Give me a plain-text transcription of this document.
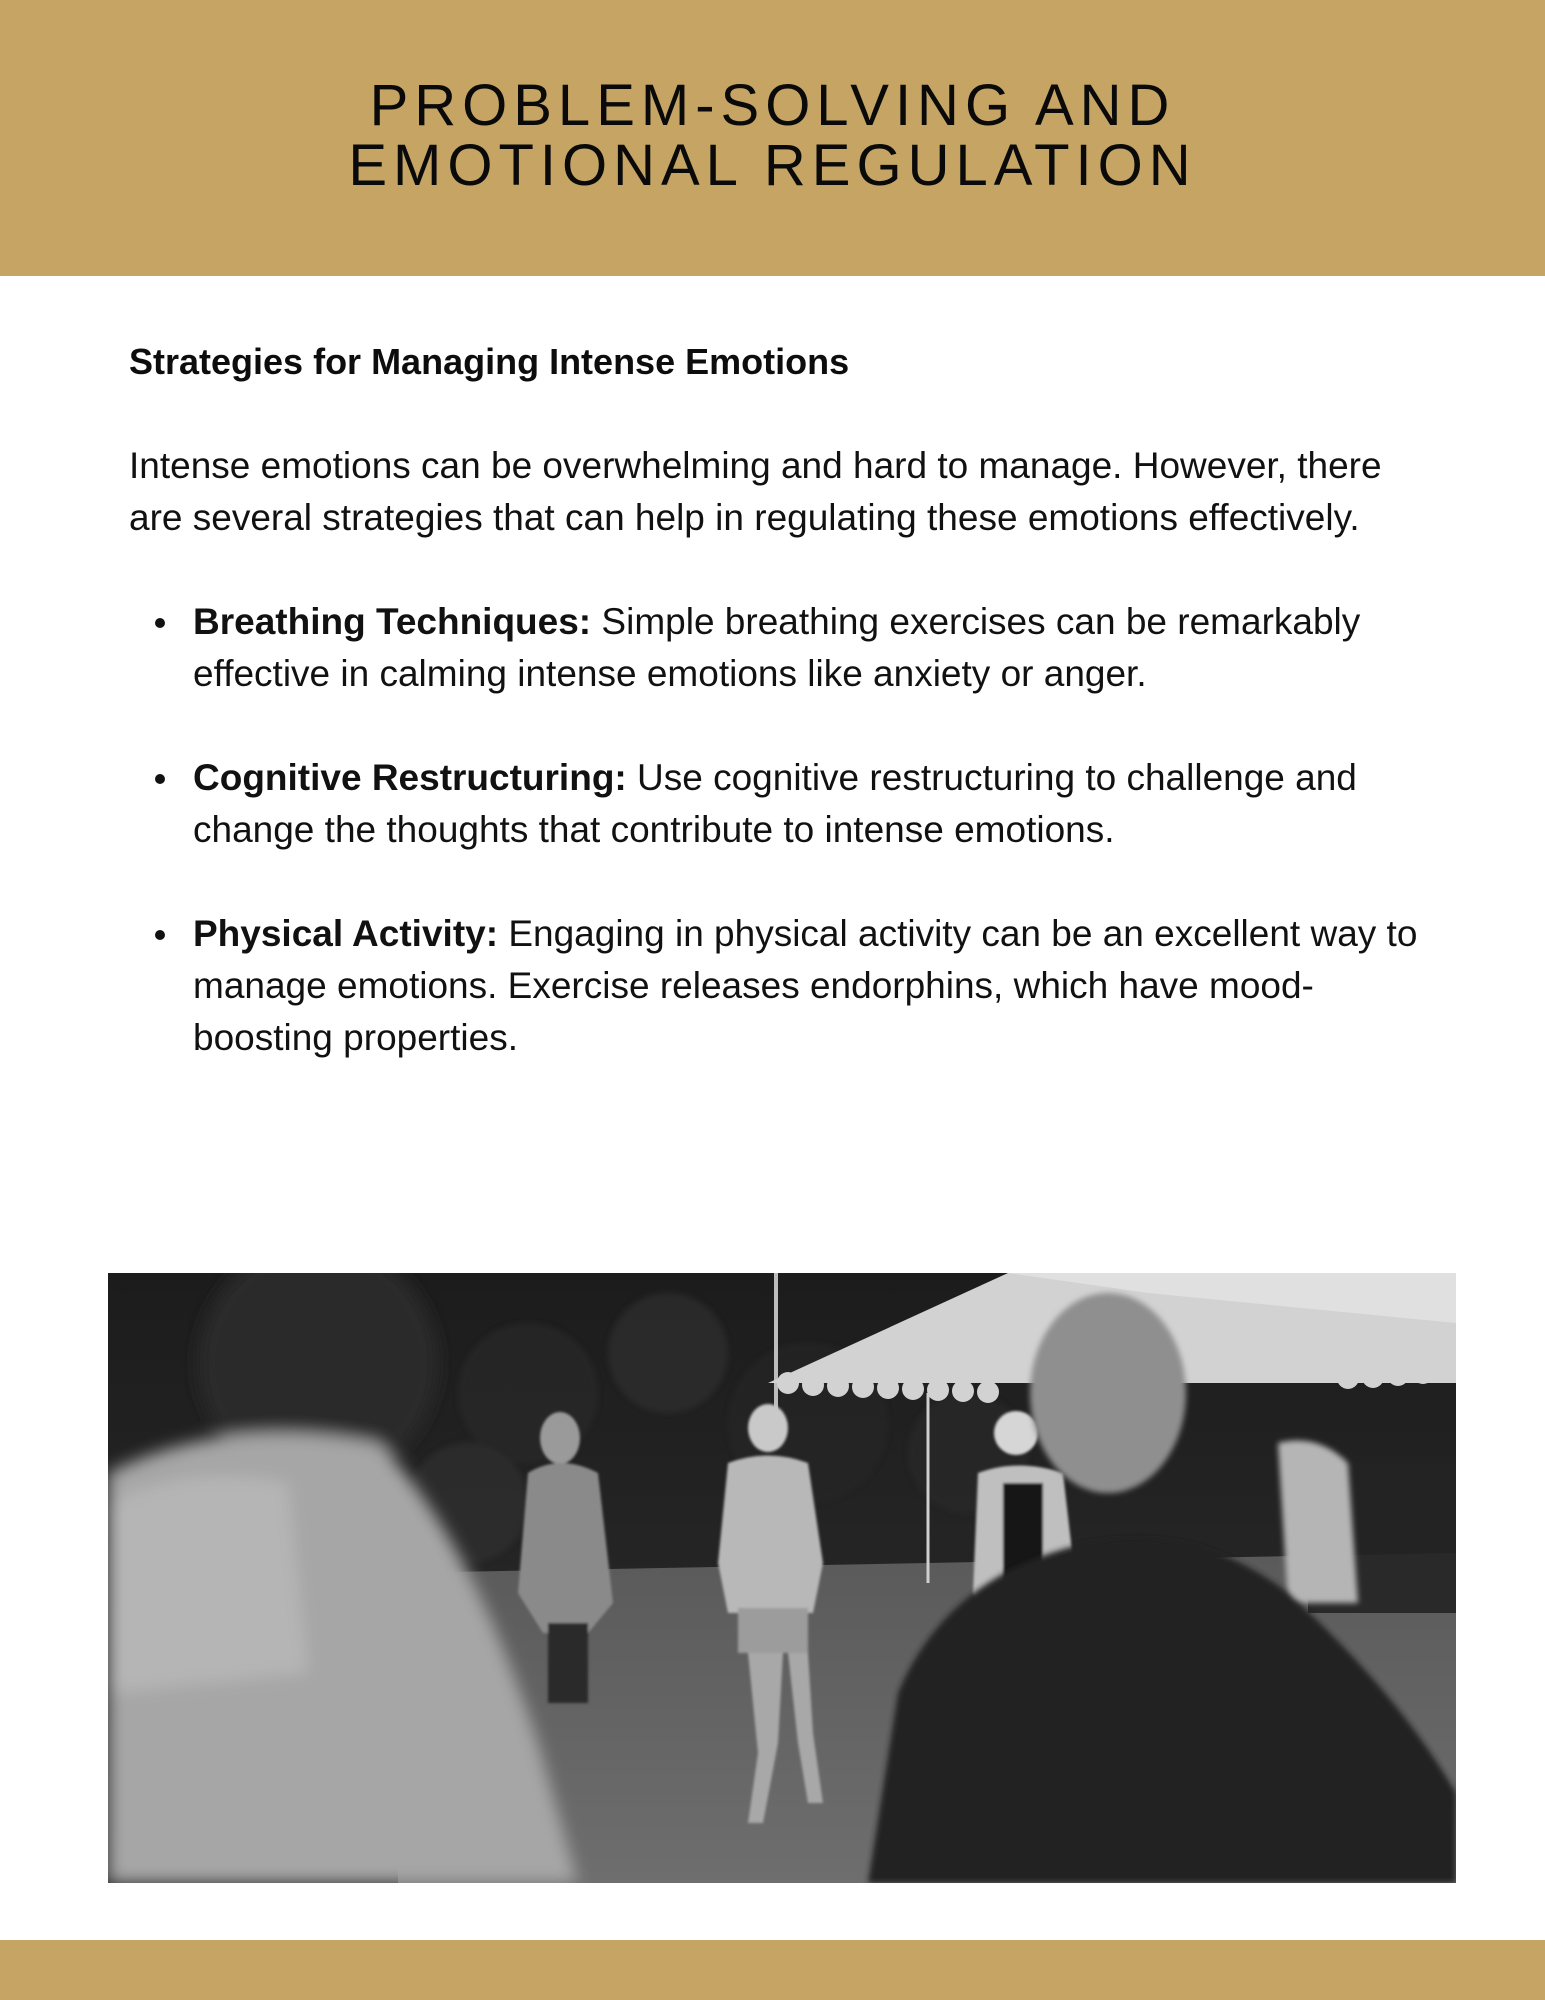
PROBLEM-SOLVING AND
EMOTIONAL REGULATION
Strategies for Managing Intense Emotions

Intense emotions can be overwhelming and hard to manage. However, there are several strategies that can help in regulating these emotions effectively.

Breathing Techniques: Simple breathing exercises can be remarkably effective in calming intense emotions like anxiety or anger.
Cognitive Restructuring: Use cognitive restructuring to challenge and change the thoughts that contribute to intense emotions.
Physical Activity: Engaging in physical activity can be an excellent way to manage emotions. Exercise releases endorphins, which have mood-boosting properties.
